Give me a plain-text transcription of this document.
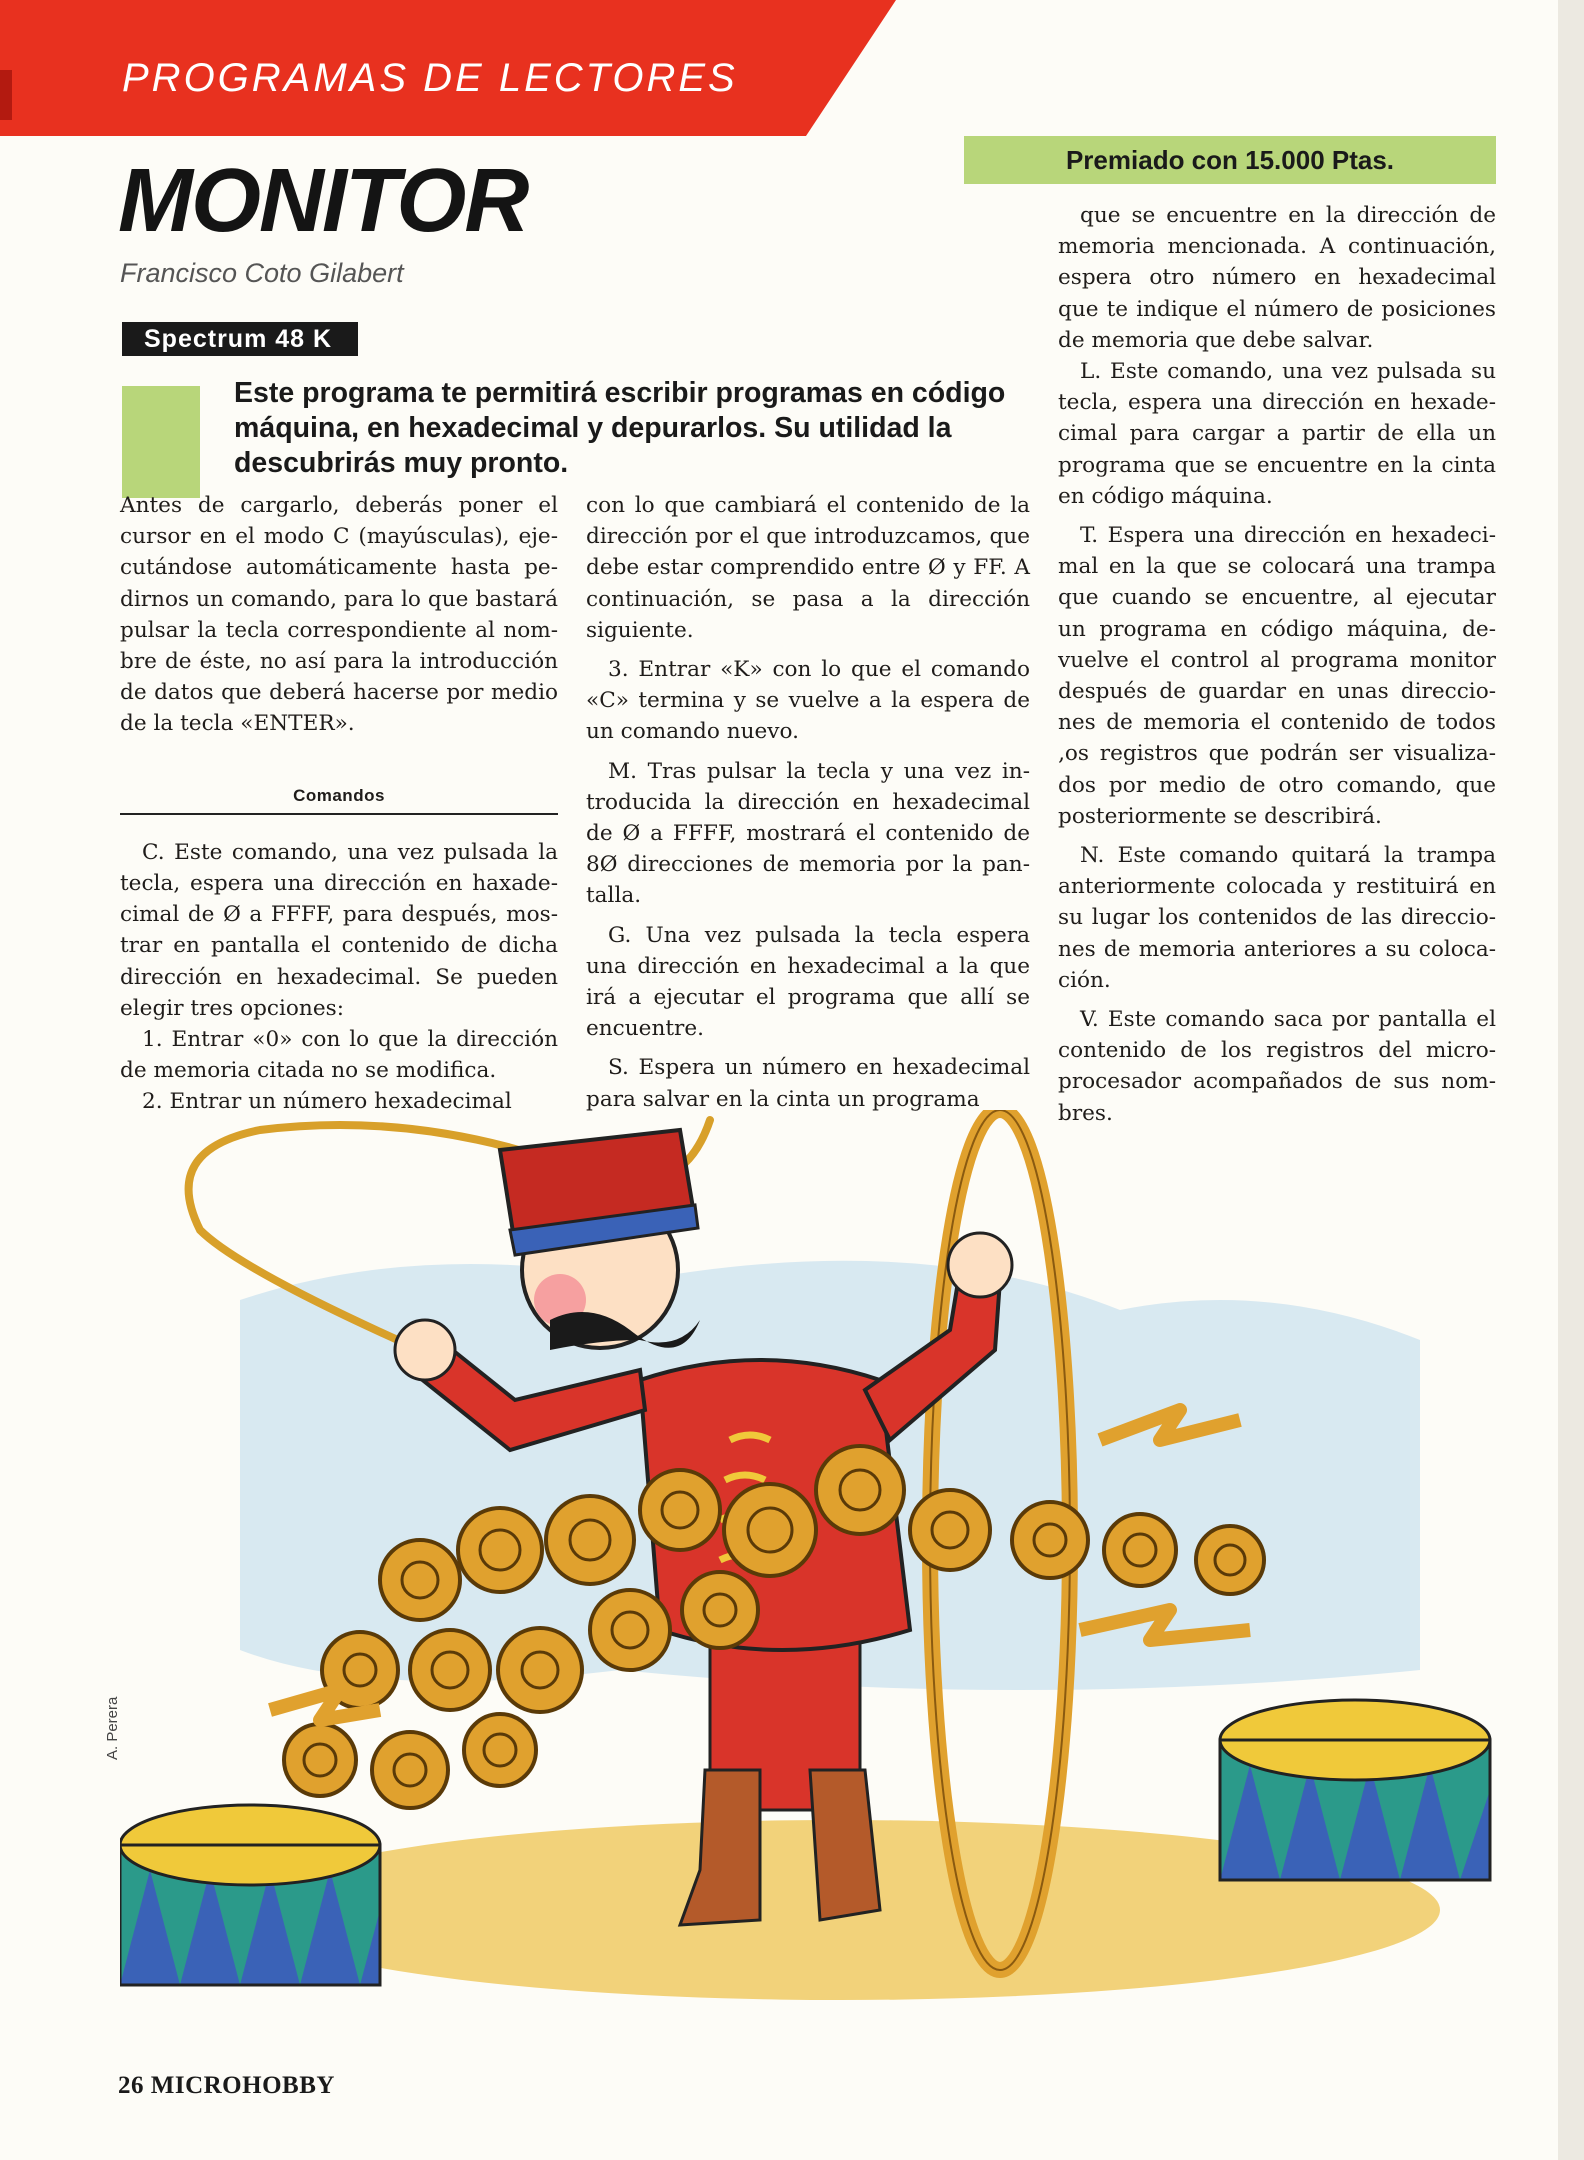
PROGRAMAS DE LECTORES
MONITOR
Francisco Coto Gilabert
Spectrum 48 K
Premiado con 15.000 Ptas.

Este programa te permitirá escribir programas en código máquina, en hexadecimal y depurarlos. Su utilidad la descubrirás muy pronto.

Antes de cargarlo, deberás poner el cursor en el modo C (mayúsculas), ejecutándose automáticamente hasta pedirnos un comando, para lo que bastará pulsar la tecla correspondiente al nombre de éste, no así para la introducción de datos que deberá hacerse por medio de la tecla «ENTER».

Comandos

C. Este comando, una vez pulsada la tecla, espera una dirección en haxadecimal de Ø a FFFF, para después, mostrar en pantalla el contenido de dicha dirección en hexadecimal. Se pueden elegir tres opciones:

1. Entrar «0» con lo que la dirección de memoria citada no se modifica.

2. Entrar un número hexadecimal

con lo que cambiará el contenido de la dirección por el que introduzcamos, que debe estar comprendido entre Ø y FF. A continuación, se pasa a la dirección siguiente.

3. Entrar «K» con lo que el comando «C» termina y se vuelve a la espera de un comando nuevo.

M. Tras pulsar la tecla y una vez introducida la dirección en hexadecimal de Ø a FFFF, mostrará el contenido de 8Ø direcciones de memoria por la pantalla.

G. Una vez pulsada la tecla espera una dirección en hexadecimal a la que irá a ejecutar el programa que allí se encuentre.

S. Espera un número en hexadecimal para salvar en la cinta un programa

que se encuentre en la dirección de memoria mencionada. A continuación, espera otro número en hexadecimal que te indique el número de posiciones de memoria que debe salvar.

L. Este comando, una vez pulsada su tecla, espera una dirección en hexadecimal para cargar a partir de ella un programa que se encuentre en la cinta en código máquina.

T. Espera una dirección en hexadecimal en la que se colocará una trampa que cuando se encuentre, al ejecutar un programa en código máquina, devuelve el control al programa monitor después de guardar en unas direcciones de memoria el contenido de todos ‚os registros que podrán ser visualizados por medio de otro comando, que posteriormente se describirá.

N. Este comando quitará la trampa anteriormente colocada y restituirá en su lugar los contenidos de las direcciones de memoria anteriores a su colocación.

V. Este comando saca por pantalla el contenido de los registros del microprocesador acompañados de sus nombres.

A. Perera
26 MICROHOBBY
